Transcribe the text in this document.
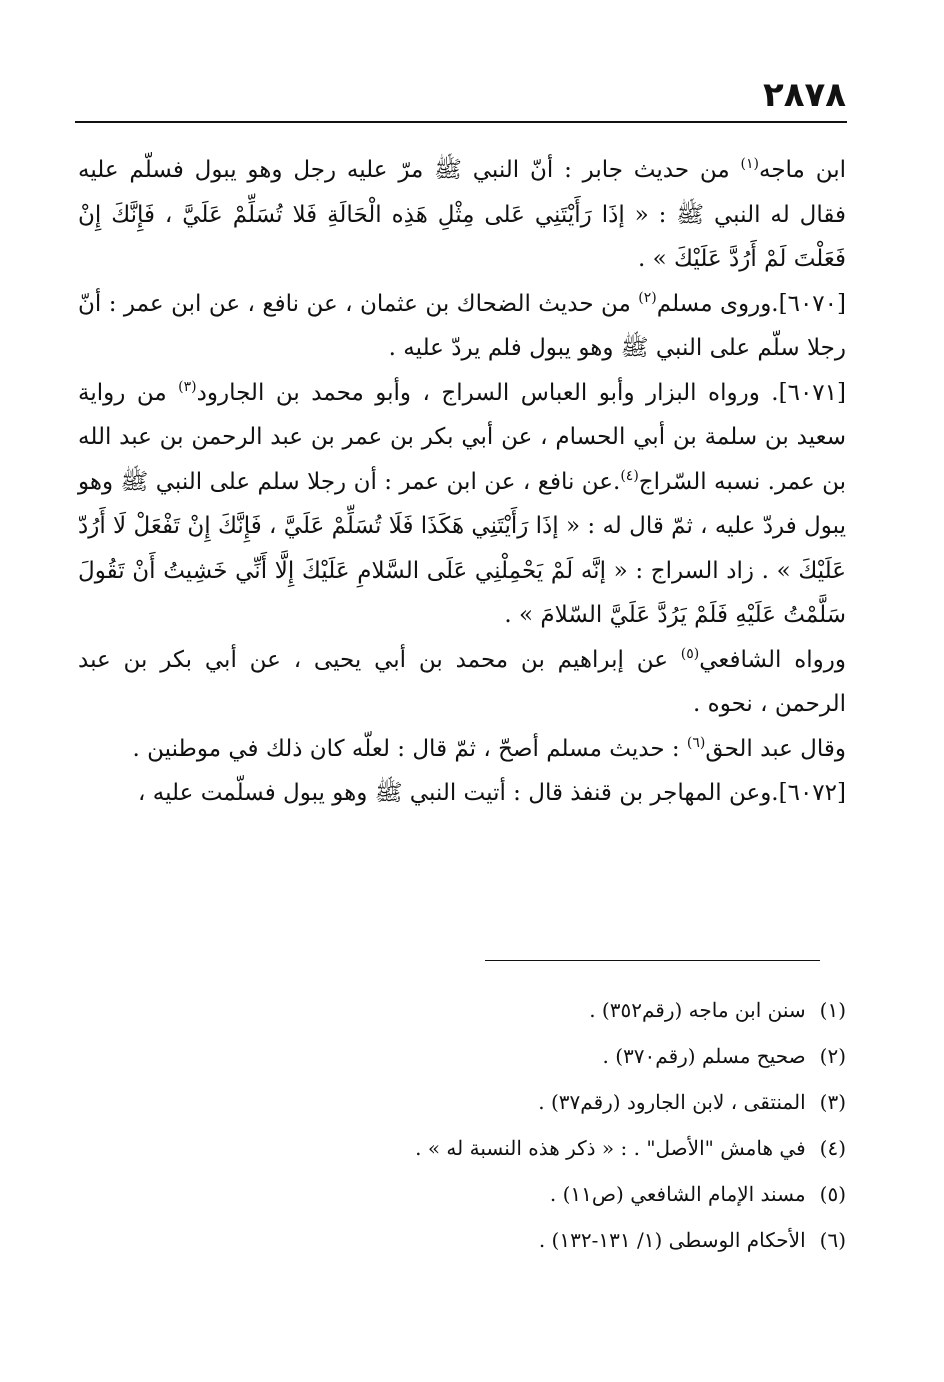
٢٨٧٨

ابن ماجه$^{(١)}$ من حديث جابر : أنّ النبي ﷺ مرّ عليه رجل وهو يبول فسلّم عليه فقال له النبي ﷺ : « إذَا رَأَيْتَنِي عَلى مِثْلِ هَذِه الْحَالَةِ فَلا تُسَلِّمْ عَلَيَّ ، فَإِنَّكَ إِنْ فَعَلْتَ لَمْ أَرُدَّ عَلَيْكَ » .

[٦٠٧٠].وروى مسلم$^{(٢)}$ من حديث الضحاك بن عثمان ، عن نافع ، عن ابن عمر : أنّ رجلا سلّم على النبي ﷺ وهو يبول فلم يردّ عليه .

[٦٠٧١]. ورواه البزار وأبو العباس السراج ، وأبو محمد بن الجارود$^{(٣)}$ من رواية سعيد بن سلمة بن أبي الحسام ، عن أبي بكر بن عمر بن عبد الرحمن بن عبد الله بن عمر. نسبه السّراج$^{(٤)}$.عن نافع ، عن ابن عمر : أن رجلا سلم على النبي ﷺ وهو يبول فردّ عليه ، ثمّ قال له : « إذَا رَأَيْتَنِي هَكَذَا فَلَا تُسَلِّمْ عَلَيَّ ، فَإِنَّكَ إِنْ تَفْعَلْ لَا أَرُدّ عَلَيْكَ » . زاد السراج : « إنَّه لَمْ يَحْمِلْنِي عَلَى السَّلامِ عَلَيْكَ إِلَّا أَنِّي خَشِيتُ أَنْ تَقُولَ سَلَّمْتُ عَلَيْهِ فَلَمْ يَرُدَّ عَلَيَّ السّلامَ » .

ورواه الشافعي$^{(٥)}$ عن إبراهيم بن محمد بن أبي يحيى ، عن أبي بكر بن عبد الرحمن ، نحوه .

وقال عبد الحق$^{(٦)}$ : حديث مسلم أصحّ ، ثمّ قال : لعلّه كان ذلك في موطنين .

[٦٠٧٢].وعن المهاجر بن قنفذ قال : أتيت النبي ﷺ وهو يبول فسلّمت عليه ،

(١) سنن ابن ماجه (رقم٣٥٢) .
(٢) صحيح مسلم (رقم٣٧٠) .
(٣) المنتقى ، لابن الجارود (رقم٣٧) .
(٤) في هامش "الأصل" . : « ذكر هذه النسبة له » .
(٥) مسند الإمام الشافعي (ص١١) .
(٦) الأحكام الوسطى (١/ ١٣١-١٣٢) .
